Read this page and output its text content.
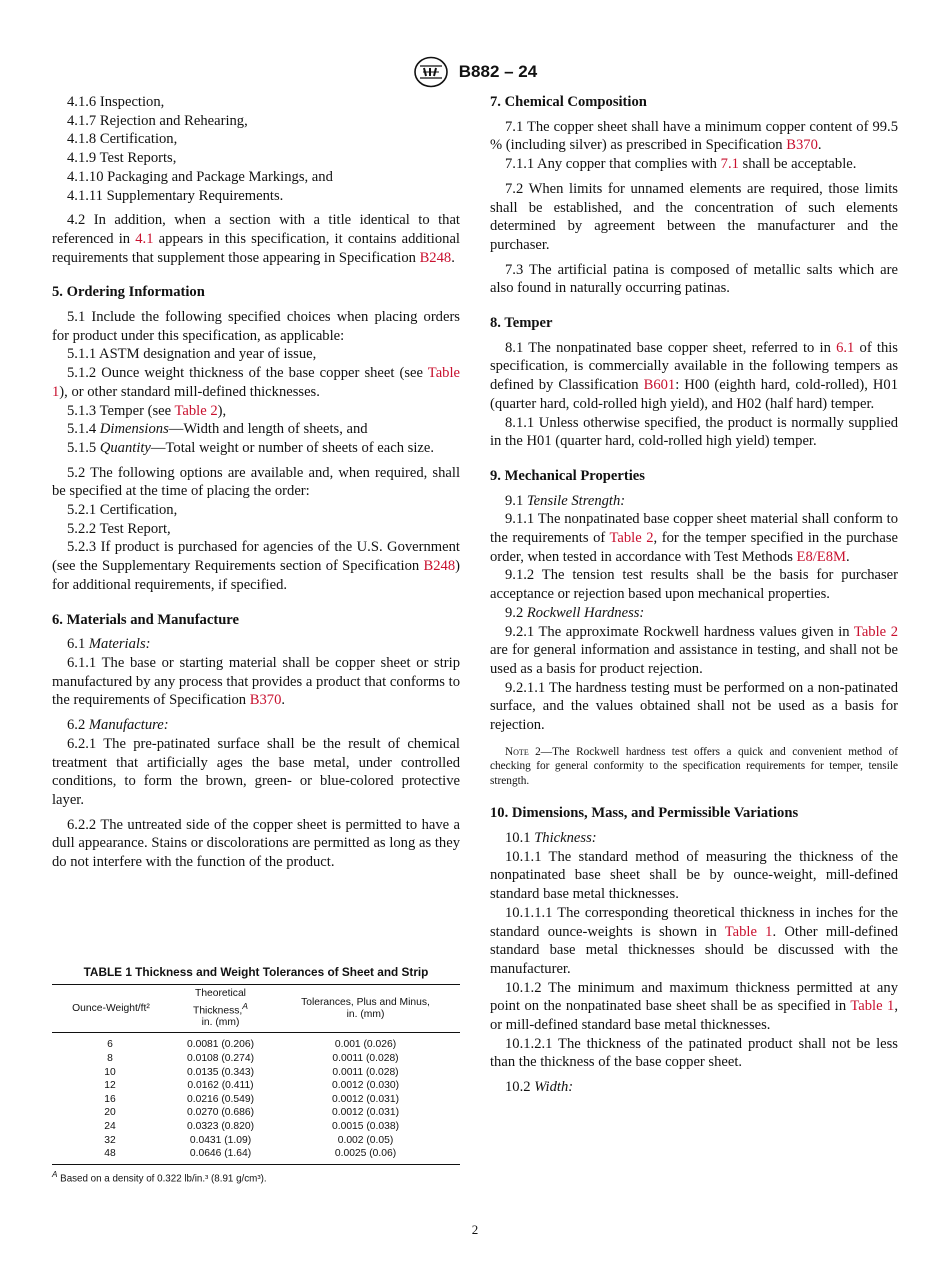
B882 – 24

4.1.6 Inspection,

4.1.7 Rejection and Rehearing,

4.1.8 Certification,

4.1.9 Test Reports,

4.1.10 Packaging and Package Markings, and

4.1.11 Supplementary Requirements.

4.2 In addition, when a section with a title identical to that referenced in 4.1 appears in this specification, it contains additional requirements that supplement those appearing in Specification B248.

5. Ordering Information

5.1 Include the following specified choices when placing orders for product under this specification, as applicable:

5.1.1 ASTM designation and year of issue,

5.1.2 Ounce weight thickness of the base copper sheet (see Table 1), or other standard mill-defined thicknesses.

5.1.3 Temper (see Table 2),

5.1.4 Dimensions—Width and length of sheets, and

5.1.5 Quantity—Total weight or number of sheets of each size.

5.2 The following options are available and, when required, shall be specified at the time of placing the order:

5.2.1 Certification,

5.2.2 Test Report,

5.2.3 If product is purchased for agencies of the U.S. Government (see the Supplementary Requirements section of Specification B248) for additional requirements, if specified.

6. Materials and Manufacture

6.1 Materials:

6.1.1 The base or starting material shall be copper sheet or strip manufactured by any process that provides a product that conforms to the requirements of Specification B370.

6.2 Manufacture:

6.2.1 The pre-patinated surface shall be the result of chemical treatment that artificially ages the base metal, under controlled conditions, to form the brown, green- or blue-colored protective layer.

6.2.2 The untreated side of the copper sheet is permitted to have a dull appearance. Stains or discolorations are permitted as long as they do not interfere with the function of the product.

TABLE 1 Thickness and Weight Tolerances of Sheet and Strip
Ounce-Weight/ft²	Theoretical
Thickness,$^A$
in. (mm)	Tolerances, Plus and Minus,
in. (mm)
6	0.0081 (0.206)	0.001 (0.026)
8	0.0108 (0.274)	0.0011 (0.028)
10	0.0135 (0.343)	0.0011 (0.028)
12	0.0162 (0.411)	0.0012 (0.030)
16	0.0216 (0.549)	0.0012 (0.031)
20	0.0270 (0.686)	0.0012 (0.031)
24	0.0323 (0.820)	0.0015 (0.038)
32	0.0431 (1.09)	0.002 (0.05)
48	0.0646 (1.64)	0.0025 (0.06)
$^A$ Based on a density of 0.322 lb/in.³ (8.91 g/cm³).
7. Chemical Composition

7.1 The copper sheet shall have a minimum copper content of 99.5 % (including silver) as prescribed in Specification B370.

7.1.1 Any copper that complies with 7.1 shall be acceptable.

7.2 When limits for unnamed elements are required, those limits shall be established, and the concentration of such elements determined by agreement between the manufacturer and the purchaser.

7.3 The artificial patina is composed of metallic salts which are also found in naturally occurring patinas.

8. Temper

8.1 The nonpatinated base copper sheet, referred to in 6.1 of this specification, is commercially available in the following tempers as defined by Classification B601: H00 (eighth hard, cold-rolled), H01 (quarter hard, cold-rolled high yield), and H02 (half hard) temper.

8.1.1 Unless otherwise specified, the product is normally supplied in the H01 (quarter hard, cold-rolled high yield) temper.

9. Mechanical Properties

9.1 Tensile Strength:

9.1.1 The nonpatinated base copper sheet material shall conform to the requirements of Table 2, for the temper specified in the purchase order, when tested in accordance with Test Methods E8/E8M.

9.1.2 The tension test results shall be the basis for purchaser acceptance or rejection based upon mechanical properties.

9.2 Rockwell Hardness:

9.2.1 The approximate Rockwell hardness values given in Table 2 are for general information and assistance in testing, and shall not be used as a basis for product rejection.

9.2.1.1 The hardness testing must be performed on a non-patinated surface, and the values obtained shall not be used as a basis for rejection.

Note 2—The Rockwell hardness test offers a quick and convenient method of checking for general conformity to the specification requirements for temper, tensile strength.

10. Dimensions, Mass, and Permissible Variations

10.1 Thickness:

10.1.1 The standard method of measuring the thickness of the nonpatinated base sheet shall be by ounce-weight, mill-defined standard base metal thicknesses.

10.1.1.1 The corresponding theoretical thickness in inches for the standard ounce-weights is shown in Table 1. Other mill-defined standard base metal thicknesses should be discussed with the manufacturer.

10.1.2 The minimum and maximum thickness permitted at any point on the nonpatinated base sheet shall be as specified in Table 1, or mill-defined standard base metal thicknesses.

10.1.2.1 The thickness of the patinated product shall not be less than the thickness of the base copper sheet.

10.2 Width:

2
